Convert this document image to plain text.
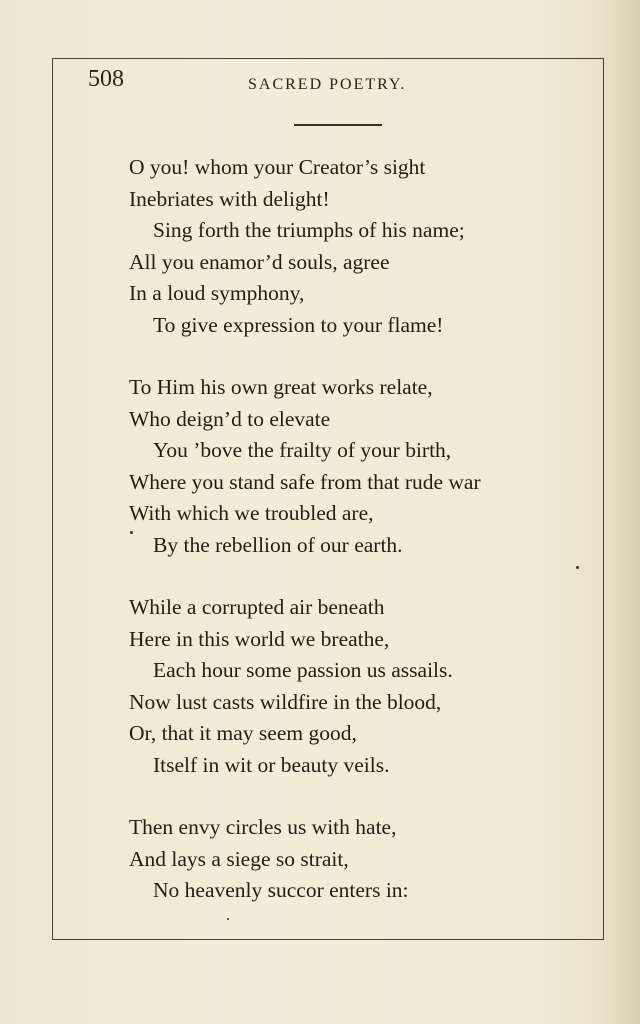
508	SACRED POETRY.
O you! whom your Creator’s sight
Inebriates with delight!
Sing forth the triumphs of his name;
All you enamor’d souls, agree
In a loud symphony,
To give expression to your flame!
To Him his own great works relate,
Who deign’d to elevate
You ’bove the frailty of your birth,
Where you stand safe from that rude war
With which we troubled are,
By the rebellion of our earth.
While a corrupted air beneath
Here in this world we breathe,
Each hour some passion us assails.
Now lust casts wildfire in the blood,
Or, that it may seem good,
Itself in wit or beauty veils.
Then envy circles us with hate,
And lays a siege so strait,
No heavenly succor enters in:
